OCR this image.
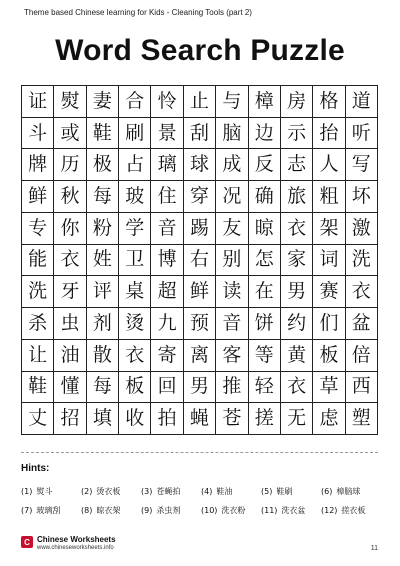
Theme based Chinese learning for Kids - Cleaning Tools (part 2)
Word Search Puzzle
证 熨 妻 合 怜 止 与 樟 房 格 道
斗 或 鞋 刷 景 刮 脑 边 示 抬 听
牌 历 极 占 璃 球 成 反 志 人 写
鲜 秋 每 玻 住 穿 况 确 旅 粗 坏
专 你 粉 学 音 踢 友 晾 衣 架 激
能 衣 姓 卫 博 右 别 怎 家 词 洗
洗 牙 评 桌 超 鲜 读 在 男 赛 衣
杀 虫 剂 烫 九 预 音 饼 约 们 盆
让 油 散 衣 寄 离 客 等 黄 板 倍
鞋 懂 每 板 回 男 推 轻 衣 草 西
丈 招 填 收 拍 蝇 苍 搓 无 虑 塑
Hints:
(1) 熨斗	(2) 烫衣板	(3) 苍蝇拍	(4) 鞋油	(5) 鞋刷	(6) 樟脑球
(7) 玻璃刮	(8) 晾衣架	(9) 杀虫剂	(10) 洗衣粉	(11) 洗衣盆	(12) 搓衣板
C Chinese Worksheets
www.chineseworksheets.info	11
